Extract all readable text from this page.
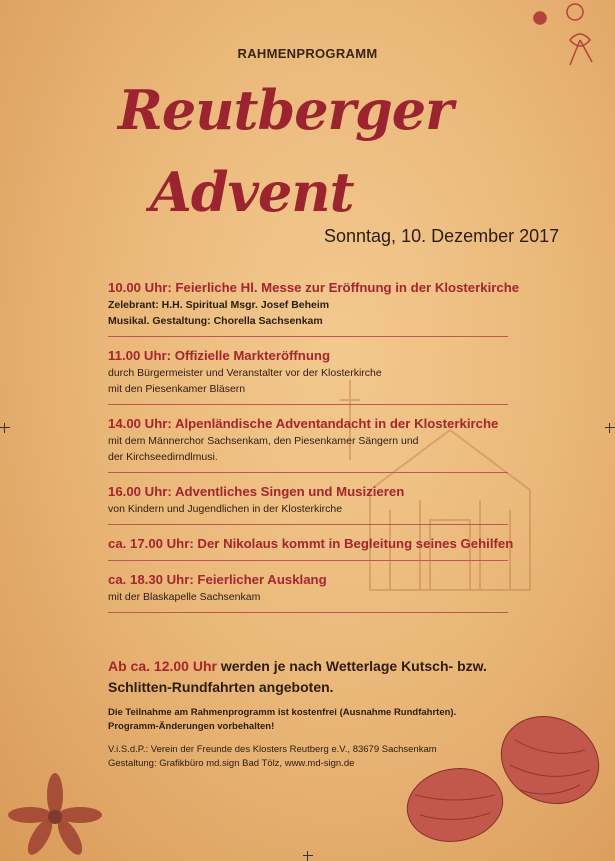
RAHMENPROGRAMM
Reutberger
Advent
Sonntag, 10. Dezember 2017
10.00 Uhr: Feierliche Hl. Messe zur Eröffnung in der Klosterkirche
Zelebrant: H.H. Spiritual Msgr. Josef Beheim
Musikal. Gestaltung: Chorella Sachsenkam
11.00 Uhr: Offizielle Markteröffnung
durch Bürgermeister und Veranstalter vor der Klosterkirche
mit den Piesenkamer Bläsern
14.00 Uhr: Alpenländische Adventandacht in der Klosterkirche
mit dem Männerchor Sachsenkam, den Piesenkamer Sängern und
der Kirchseedirndlmusi.
16.00 Uhr: Adventliches Singen und Musizieren
von Kindern und Jugendlichen in der Klosterkirche
ca. 17.00 Uhr: Der Nikolaus kommt in Begleitung seines Gehilfen
ca. 18.30 Uhr: Feierlicher Ausklang
mit der Blaskapelle Sachsenkam
Ab ca. 12.00 Uhr werden je nach Wetterlage Kutsch- bzw.
Schlitten-Rundfahrten angeboten.
Die Teilnahme am Rahmenprogramm ist kostenfrei (Ausnahme Rundfahrten).
Programm-Änderungen vorbehalten!
V.i.S.d.P.: Verein der Freunde des Klosters Reutberg e.V., 83679 Sachsenkam
Gestaltung: Grafikbüro md.sign Bad Tölz, www.md-sign.de
